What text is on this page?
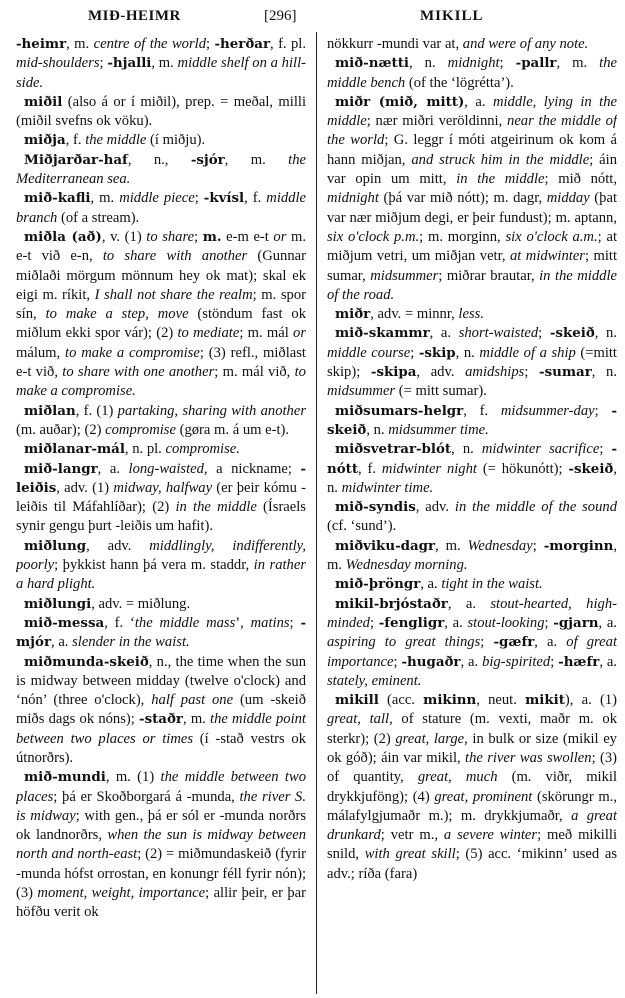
MIÐ-HEIMR	[296]	MIKILL

-heimr, m. centre of the world; -herðar, f. pl. mid-shoulders; -hjalli, m. middle shelf on a hill-side.

miðil (also á or í miðil), prep. = meðal, milli (miðil svefns ok vöku).

miðja, f. the middle (í miðju).

Miðjarðar-haf, n., -sjór, m. the Mediterranean sea.

mið-kafli, m. middle piece; -kvísl, f. middle branch (of a stream).

miðla (að), v. (1) to share; m. e-m e-t or m. e-t við e-n, to share with another (Gunnar miðlaði mörgum mönnum hey ok mat); skal ek eigi m. ríkit, I shall not share the realm; m. spor sín, to make a step, move (stöndum fast ok miðlum ekki spor vár); (2) to mediate; m. mál or málum, to make a compromise; (3) refl., miðlast e-t við, to share with one another; m. mál við, to make a compromise.

miðlan, f. (1) partaking, sharing with another (m. auðar); (2) compromise (gøra m. á um e-t).

miðlanar-mál, n. pl. compromise.

mið-langr, a. long-waisted, a nickname; -leiðis, adv. (1) midway, halfway (er þeir kómu -leiðis til Máfahlíðar); (2) in the middle (Ísraels synir gengu þurt -leiðis um hafit).

miðlung, adv. middlingly, indifferently, poorly; þykkist hann þá vera m. staddr, in rather a hard plight.

miðlungi, adv. = miðlung.

mið-messa, f. ‘the middle mass’, matins; -mjór, a. slender in the waist.

miðmunda-skeið, n., the time when the sun is midway between midday (twelve o'clock) and ‘nón’ (three o'clock), half past one (um -skeið miðs dags ok nóns); -staðr, m. the middle point between two places or times (í -stað vestrs ok útnorðrs).

mið-mundi, m. (1) the middle between two places; þá er Skoðborgará á -munda, the river S. is midway; with gen., þá er sól er -munda norðrs ok landnorðrs, when the sun is midway between north and north-east; (2) = miðmundaskeið (fyrir -munda hófst orrostan, en konungr féll fyrir nón); (3) moment, weight, importance; allir þeir, er þar höfðu verit ok

nökkurr -mundi var at, and were of any note.

mið-nætti, n. midnight; -pallr, m. the middle bench (of the ‘lögrétta’).

miðr (mið, mitt), a. middle, lying in the middle; nær miðri veröldinni, near the middle of the world; G. leggr í móti atgeirinum ok kom á hann miðjan, and struck him in the middle; áin var opin um mitt, in the middle; mið nótt, midnight (þá var mið nótt); m. dagr, midday (þat var nær miðjum degi, er þeir fundust); m. aptann, six o'clock p.m.; m. morginn, six o'clock a.m.; at miðjum vetri, um miðjan vetr, at midwinter; mitt sumar, midsummer; miðrar brautar, in the middle of the road.

miðr, adv. = minnr, less.

mið-skammr, a. short-waisted; -skeið, n. middle course; -skip, n. middle of a ship (=mitt skip); -skipa, adv. amidships; -sumar, n. midsummer (= mitt sumar).

miðsumars-helgr, f. midsummer-day; -skeið, n. midsummer time.

miðsvetrar-blót, n. midwinter sacrifice; -nótt, f. midwinter night (= hökunótt); -skeið, n. midwinter time.

mið-syndis, adv. in the middle of the sound (cf. ‘sund’).

miðviku-dagr, m. Wednesday; -morginn, m. Wednesday morning.

mið-þröngr, a. tight in the waist.

mikil-brjóstaðr, a. stout-hearted, high-minded; -fengligr, a. stout-looking; -gjarn, a. aspiring to great things; -gæfr, a. of great importance; -hugaðr, a. big-spirited; -hæfr, a. stately, eminent.

mikill (acc. mikinn, neut. mikit), a. (1) great, tall, of stature (m. vexti, maðr m. ok sterkr); (2) great, large, in bulk or size (mikil ey ok góð); áin var mikil, the river was swollen; (3) of quantity, great, much (m. viðr, mikil drykkjuföng); (4) great, prominent (skörungr m., málafylgjumaðr m.); m. drykkjumaðr, a great drunkard; vetr m., a severe winter; með mikilli snild, with great skill; (5) acc. ‘mikinn’ used as adv.; ríða (fara)
